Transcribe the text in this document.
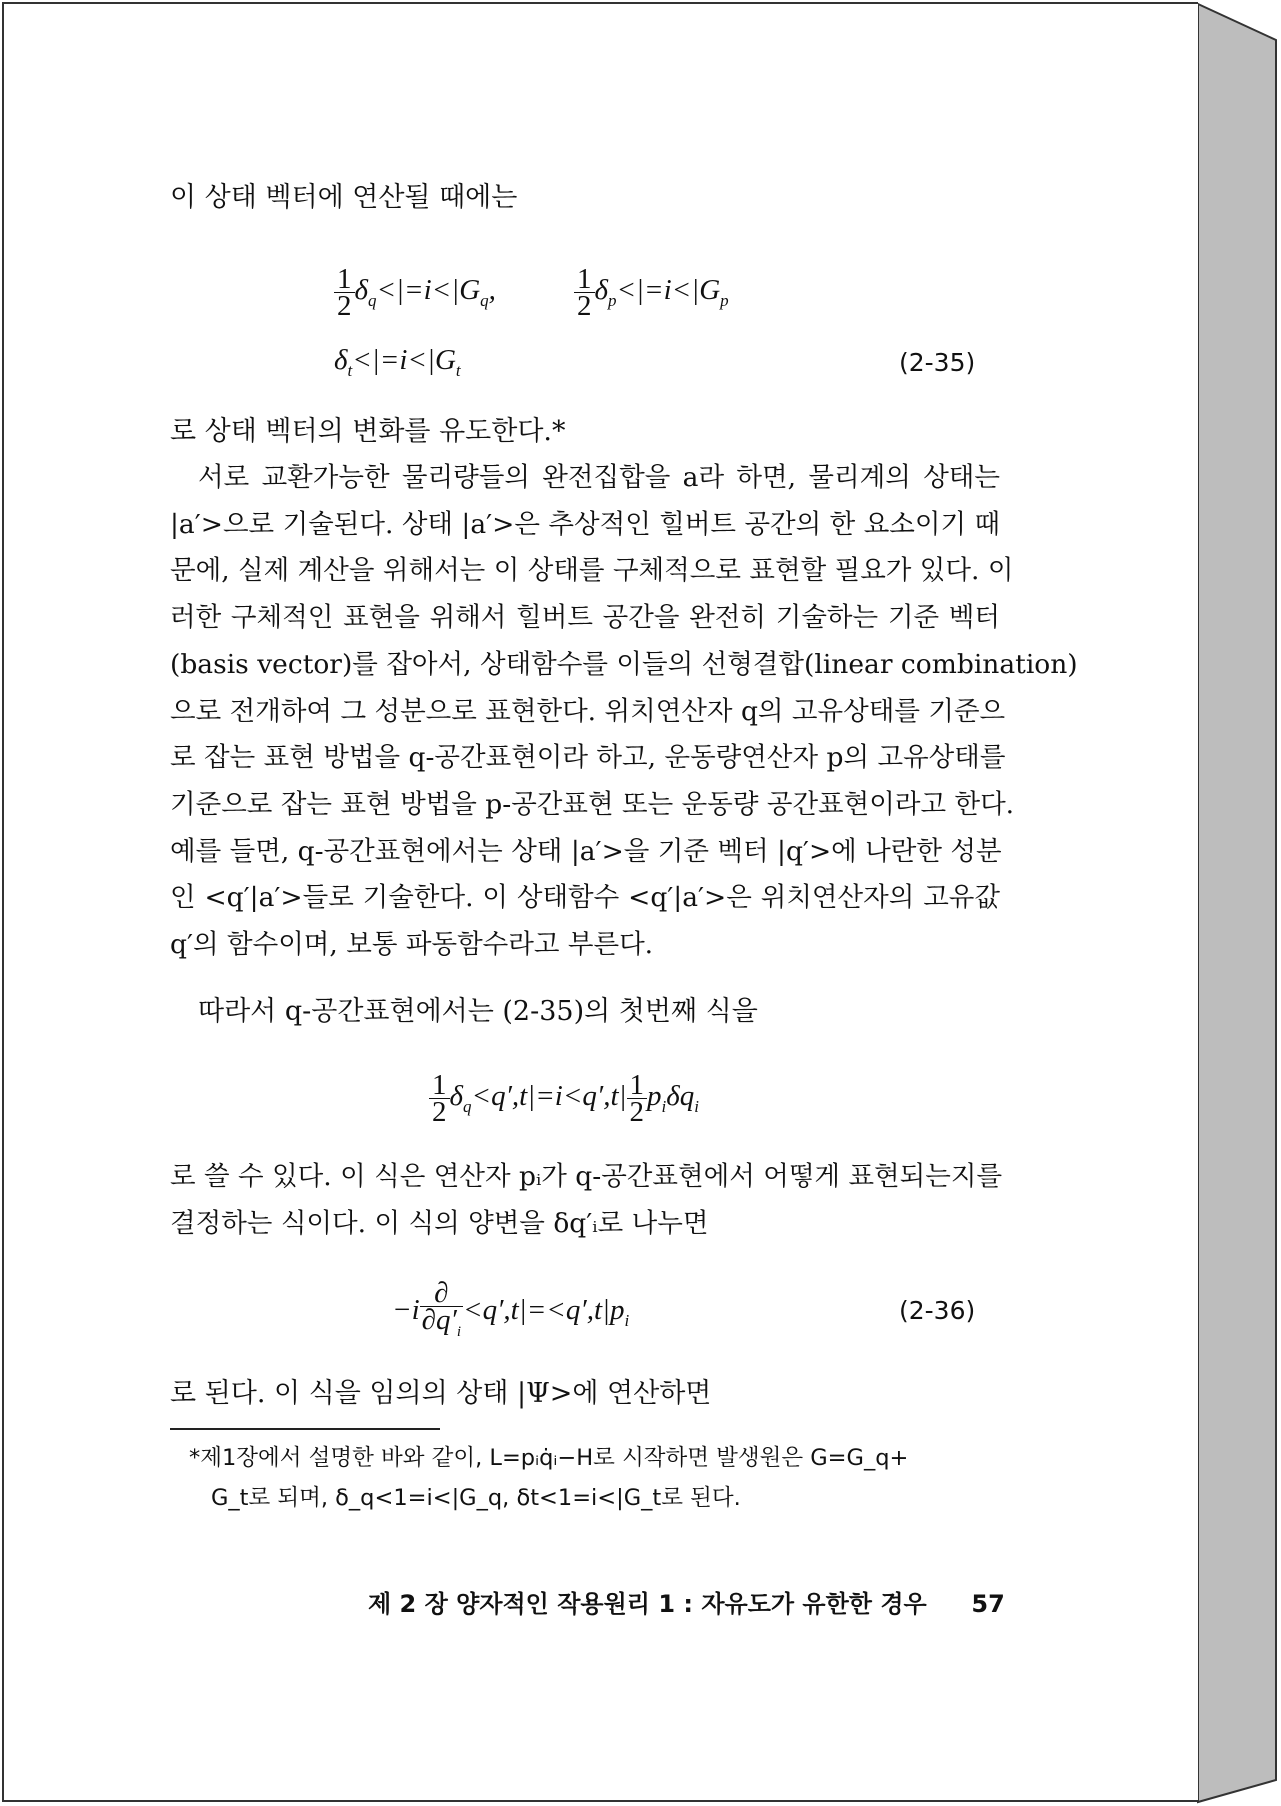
이 상태 벡터에 연산될 때에는
1
2 $\delta_q<|=i<|G_q$,	1
2 $\delta_p<|=i<|G_p$
$\delta_t<|=i<|G_t$	(2-35)
로 상태 벡터의 변화를 유도한다.*
서로 교환가능한 물리량들의 완전집합을 a라 하면, 물리계의 상태는
|a′>으로 기술된다. 상태 |a′>은 추상적인 힐버트 공간의 한 요소이기 때
문에, 실제 계산을 위해서는 이 상태를 구체적으로 표현할 필요가 있다. 이
러한 구체적인 표현을 위해서 힐버트 공간을 완전히 기술하는 기준 벡터
(basis vector)를 잡아서, 상태함수를 이들의 선형결합(linear combination)
으로 전개하여 그 성분으로 표현한다. 위치연산자 q의 고유상태를 기준으
로 잡는 표현 방법을 q-공간표현이라 하고, 운동량연산자 p의 고유상태를
기준으로 잡는 표현 방법을 p-공간표현 또는 운동량 공간표현이라고 한다.
예를 들면, q-공간표현에서는 상태 |a′>을 기준 벡터 |q′>에 나란한 성분
인 <q′|a′>들로 기술한다. 이 상태함수 <q′|a′>은 위치연산자의 고유값
q′의 함수이며, 보통 파동함수라고 부른다.
따라서 q-공간표현에서는 (2-35)의 첫번째 식을
1
2 $\delta_q<q',t|=i<q',t|$ 1
2 $p_i\delta q_i$
로 쓸 수 있다. 이 식은 연산자 pᵢ가 q-공간표현에서 어떻게 표현되는지를
결정하는 식이다. 이 식의 양변을 δq′ᵢ로 나누면
−i∂
$\partial q'_i<q',t|=<q',t|p_i$	(2-36)
로 된다. 이 식을 임의의 상태 |Ψ>에 연산하면
*제1장에서 설명한 바와 같이, L=pᵢq̇ᵢ−H로 시작하면 발생원은 G=G_q+
G_t로 되며, δ_q<1=i<|G_q, δt<1=i<|G_t로 된다.
제 2 장 양자적인 작용원리 1 : 자유도가 유한한 경우 57
